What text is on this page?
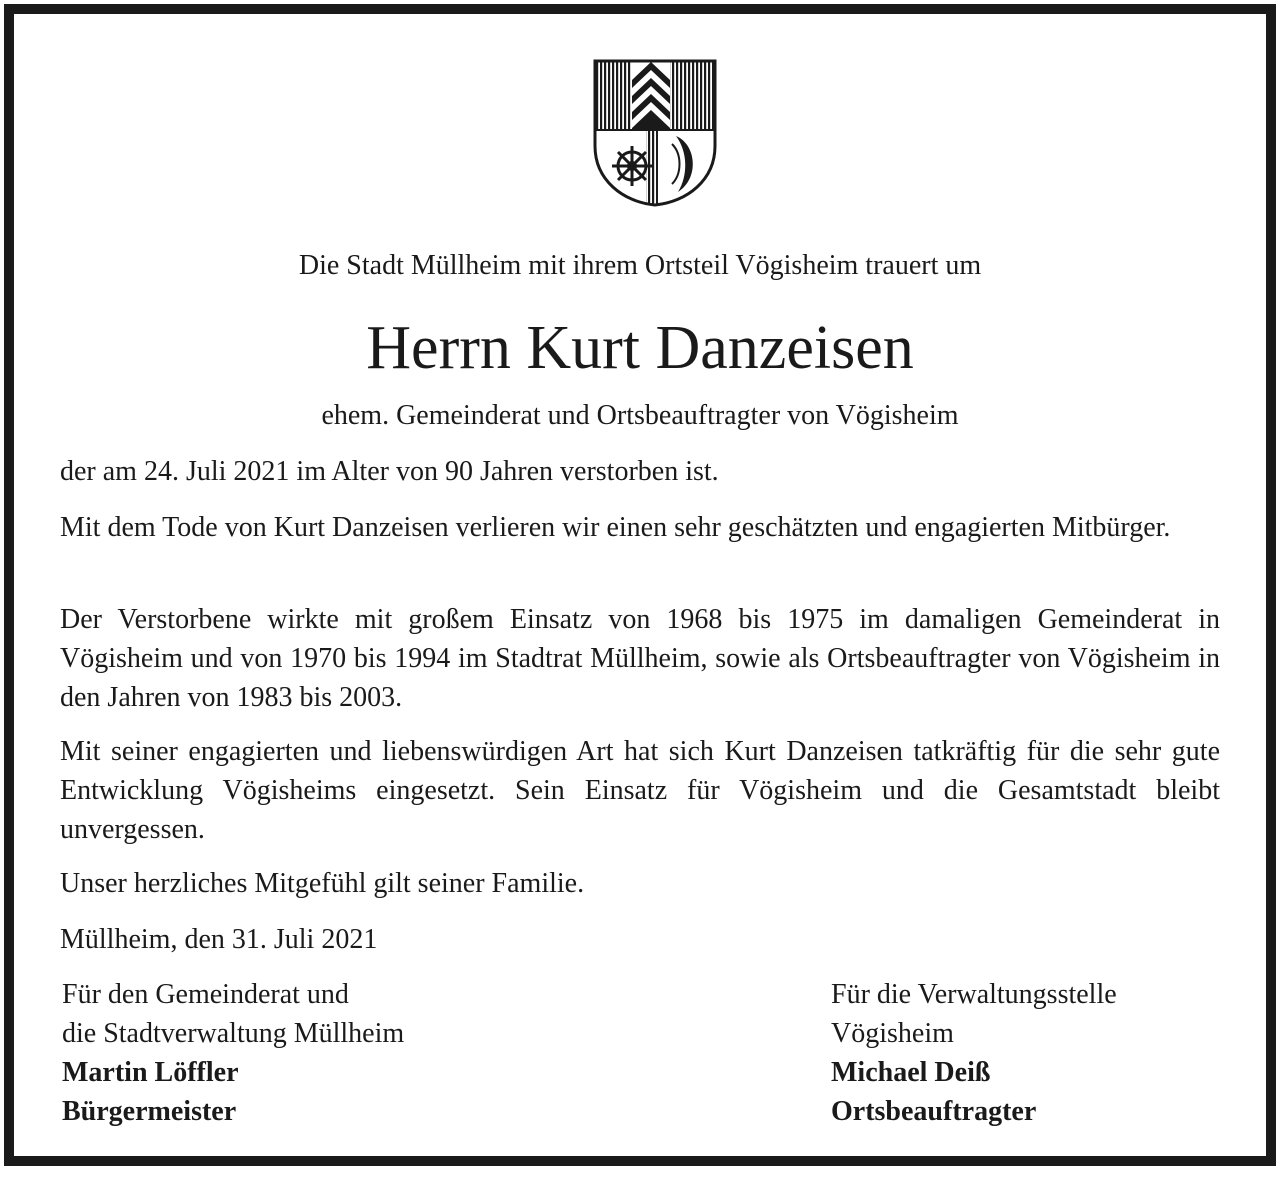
Die Stadt Müllheim mit ihrem Ortsteil Vögisheim trauert um
Herrn Kurt Danzeisen
ehem. Gemeinderat und Ortsbeauftragter von Vögisheim

der am 24. Juli 2021 im Alter von 90 Jahren verstorben ist.

Mit dem Tode von Kurt Danzeisen verlieren wir einen sehr geschätzten und engagierten Mitbürger.

Der Verstorbene wirkte mit großem Einsatz von 1968 bis 1975 im damaligen Gemeinderat in Vögisheim und von 1970 bis 1994 im Stadtrat Müllheim, sowie als Ortsbeauftragter von Vögisheim in den Jahren von 1983 bis 2003.

Mit seiner engagierten und liebenswürdigen Art hat sich Kurt Danzeisen tatkräftig für die sehr gute Entwicklung Vögisheims eingesetzt. Sein Einsatz für Vögisheim und die Gesamtstadt bleibt unvergessen.

Unser herzliches Mitgefühl gilt seiner Familie.

Müllheim, den 31. Juli 2021

Für den Gemeinderat und
die Stadtverwaltung Müllheim
Martin Löffler
Bürgermeister
Für die Verwaltungsstelle
Vögisheim
Michael Deiß
Ortsbeauftragter
